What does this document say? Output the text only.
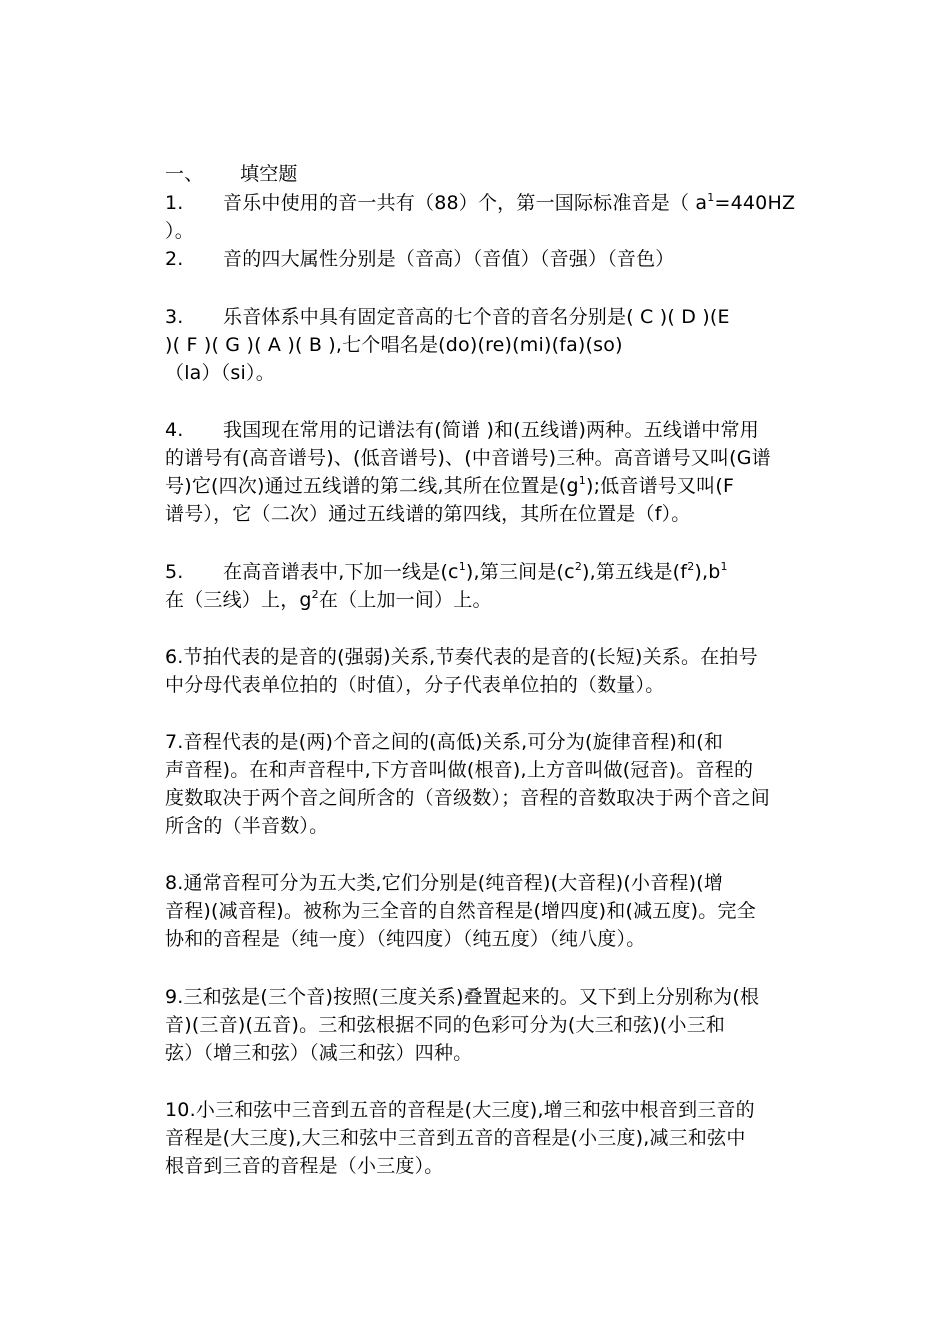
一、 填空题
1. 音乐中使用的音一共有（88）个，第一国际标准音是（ $a^1=440HZ$
）。
2. 音的四大属性分别是（音高）（音值）（音强）（音色）
3. 乐音体系中具有固定音高的七个音的音名分别是( C )( D )(E
)( F )( G )( A )( B ),七个唱名是(do)(re)(mi)(fa)(so)
（la）（si）。
4. 我国现在常用的记谱法有(简谱 )和(五线谱)两种。五线谱中常用
的谱号有(高音谱号)、(低音谱号)、(中音谱号)三种。高音谱号又叫(G谱
号)它(四次)通过五线谱的第二线,其所在位置是$(g^1)$;低音谱号又叫(F
谱号），它（二次）通过五线谱的第四线，其所在位置是（f）。
5. 在高音谱表中,下加一线是$(c^1)$,第三间是$(c^2)$,第五线是$(f^2),b^1$
在（三线）上，$g^2$在（上加一间）上。
6.节拍代表的是音的(强弱)关系,节奏代表的是音的(长短)关系。在拍号
中分母代表单位拍的（时值），分子代表单位拍的（数量）。
7.音程代表的是(两)个音之间的(高低)关系,可分为(旋律音程)和(和
声音程)。在和声音程中,下方音叫做(根音),上方音叫做(冠音)。音程的
度数取决于两个音之间所含的（音级数）；音程的音数取决于两个音之间
所含的（半音数）。
8.通常音程可分为五大类,它们分别是(纯音程)(大音程)(小音程)(增
音程)(减音程)。被称为三全音的自然音程是(增四度)和(减五度)。完全
协和的音程是（纯一度）（纯四度）（纯五度）（纯八度）。
9.三和弦是(三个音)按照(三度关系)叠置起来的。又下到上分别称为(根
音)(三音)(五音)。三和弦根据不同的色彩可分为(大三和弦)(小三和
弦）（增三和弦）（减三和弦）四种。
10.小三和弦中三音到五音的音程是(大三度),增三和弦中根音到三音的
音程是(大三度),大三和弦中三音到五音的音程是(小三度),减三和弦中
根音到三音的音程是（小三度）。
